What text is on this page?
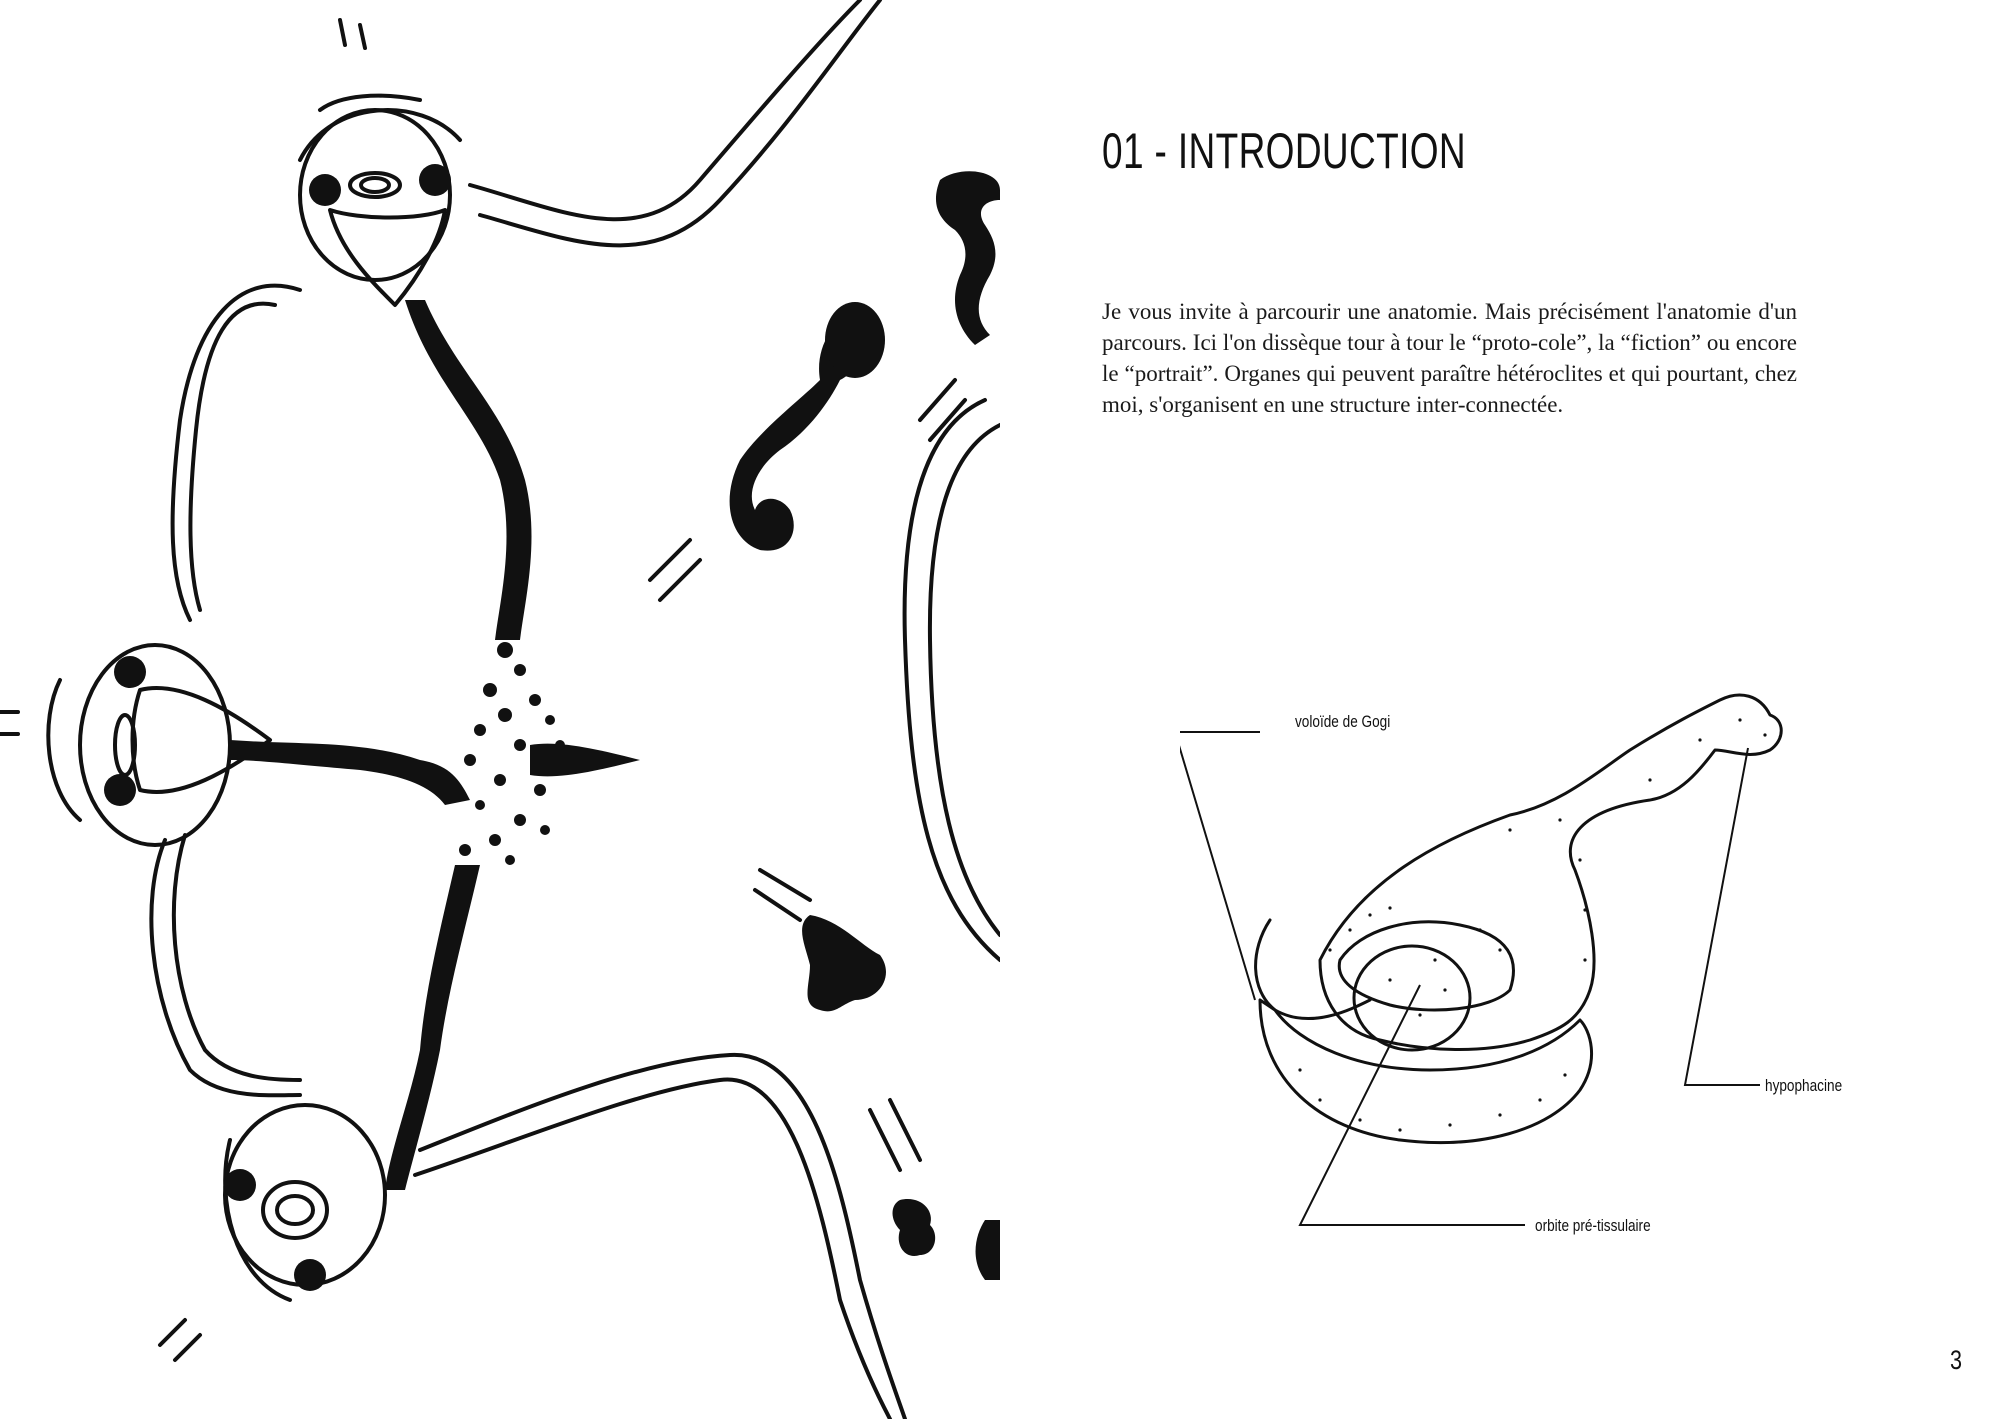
01 - INTRODUCTION
Je vous invite à parcourir une anatomie. Mais précisément l'anatomie d'un parcours. Ici l'on dissèque tour à tour le “proto-cole”, la “fiction” ou encore le “portrait”. Organes qui peuvent paraître hétéroclites et qui pourtant, chez moi, s'organisent en une structure inter-connectée.
voloïde de Gogi
hypophacine
orbite pré-tissulaire
3
